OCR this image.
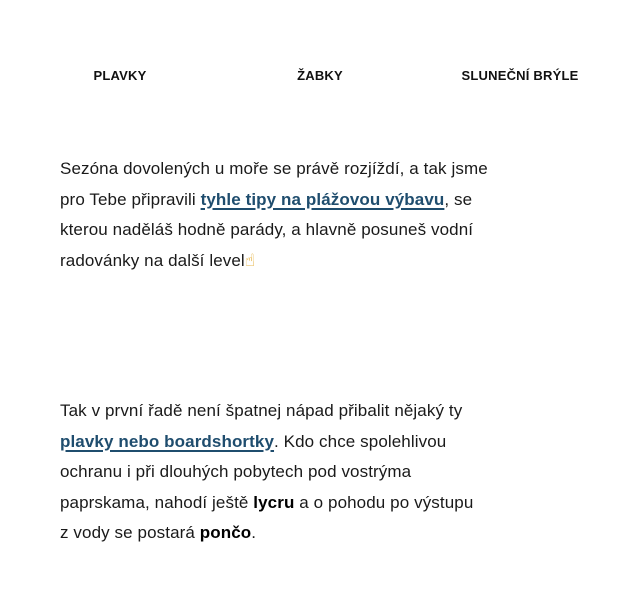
PLAVKY	ŽABKY	SLUNEČNÍ BRÝLE
Sezóna dovolených u moře se právě rozjíždí, a tak jsme
pro Tebe připravili tyhle tipy na plážovou výbavu, se
kterou naděláš hodně parády, a hlavně posuneš vodní
radovánky na další level☝
Tak v první řadě není špatnej nápad přibalit nějaký ty
plavky nebo boardshortky. Kdo chce spolehlivou
ochranu i při dlouhých pobytech pod vostrýma
paprskama, nahodí ještě lycru a o pohodu po výstupu
z vody se postará pončo.
